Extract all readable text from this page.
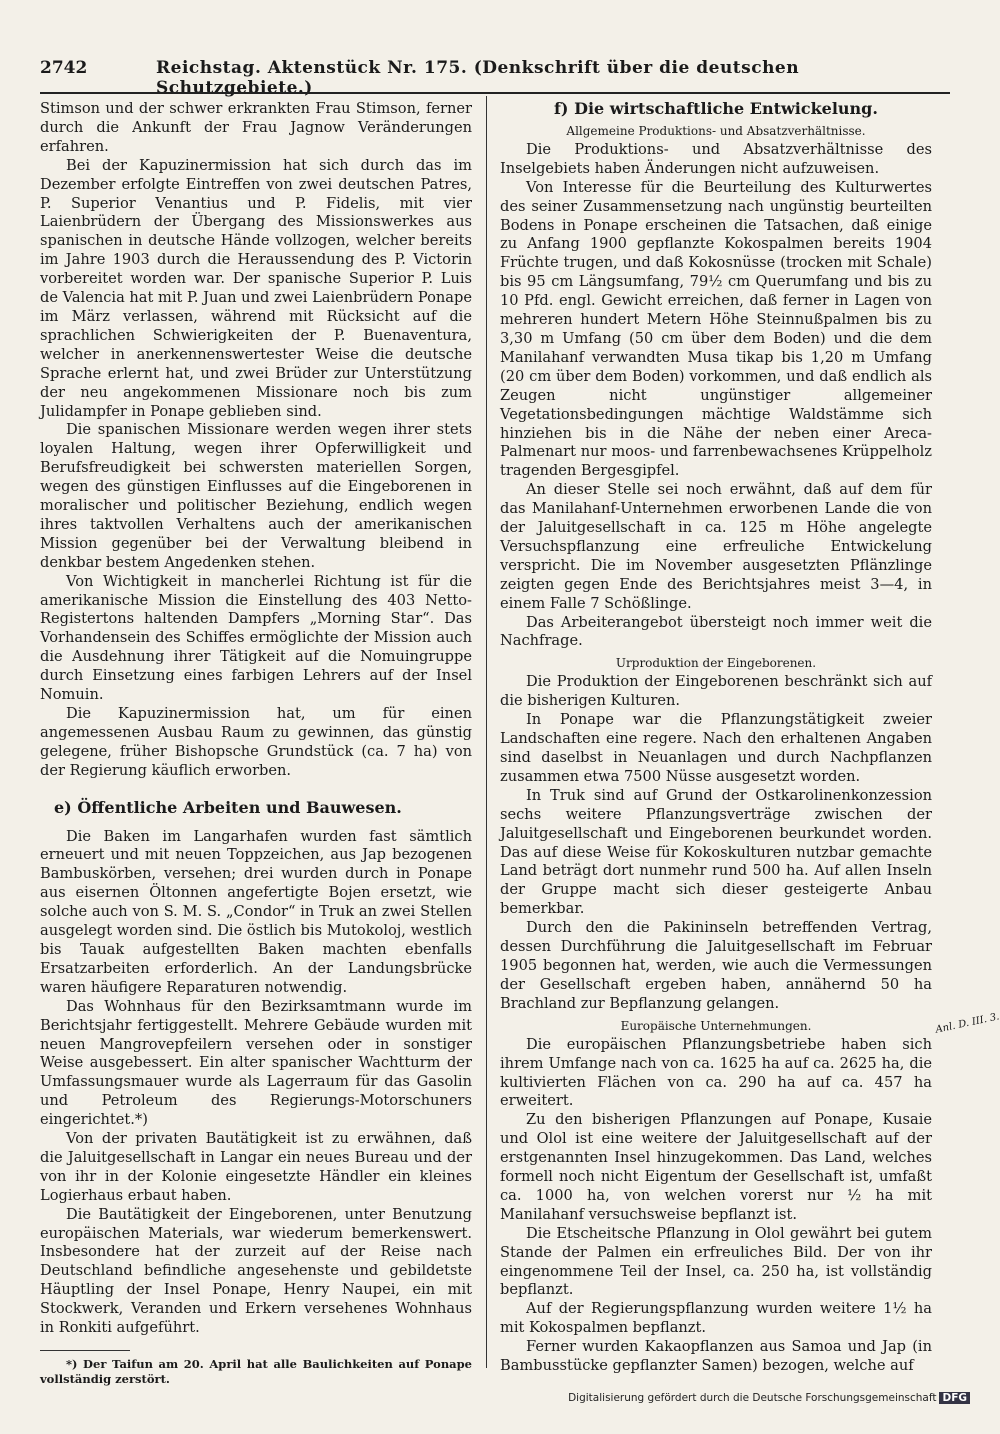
2742	Reichstag. Aktenstück Nr. 175. (Denkschrift über die deutschen Schutzgebiete.)

Stimson und der schwer erkrankten Frau Stimson, ferner durch die Ankunft der Frau Jagnow Veränderungen erfahren.

Bei der Kapuzinermission hat sich durch das im Dezember erfolgte Eintreffen von zwei deutschen Patres, P. Superior Venantius und P. Fidelis, mit vier Laienbrüdern der Übergang des Missionswerkes aus spanischen in deutsche Hände vollzogen, welcher bereits im Jahre 1903 durch die Heraussendung des P. Victorin vorbereitet worden war. Der spanische Superior P. Luis de Valencia hat mit P. Juan und zwei Laienbrüdern Ponape im März verlassen, während mit Rücksicht auf die sprachlichen Schwierigkeiten der P. Buenaventura, welcher in anerkennenswertester Weise die deutsche Sprache erlernt hat, und zwei Brüder zur Unterstützung der neu angekommenen Missionare noch bis zum Julidampfer in Ponape geblieben sind.

Die spanischen Missionare werden wegen ihrer stets loyalen Haltung, wegen ihrer Opferwilligkeit und Berufsfreudigkeit bei schwersten materiellen Sorgen, wegen des günstigen Einflusses auf die Eingeborenen in moralischer und politischer Beziehung, endlich wegen ihres taktvollen Verhaltens auch der amerikanischen Mission gegenüber bei der Verwaltung bleibend in denkbar bestem Angedenken stehen.

Von Wichtigkeit in mancherlei Richtung ist für die amerikanische Mission die Einstellung des 403 Netto-Registertons haltenden Dampfers „Morning Star“. Das Vorhandensein des Schiffes ermöglichte der Mission auch die Ausdehnung ihrer Tätigkeit auf die Nomuingruppe durch Einsetzung eines farbigen Lehrers auf der Insel Nomuin.

Die Kapuzinermission hat, um für einen angemessenen Ausbau Raum zu gewinnen, das günstig gelegene, früher Bishopsche Grundstück (ca. 7 ha) von der Regierung käuflich erworben.

e) Öffentliche Arbeiten und Bauwesen.

Die Baken im Langarhafen wurden fast sämtlich erneuert und mit neuen Toppzeichen, aus Jap bezogenen Bambuskörben, versehen; drei wurden durch in Ponape aus eisernen Öltonnen angefertigte Bojen ersetzt, wie solche auch von S. M. S. „Condor“ in Truk an zwei Stellen ausgelegt worden sind. Die östlich bis Mutokoloj, westlich bis Tauak aufgestellten Baken machten ebenfalls Ersatzarbeiten erforderlich. An der Landungsbrücke waren häufigere Reparaturen notwendig.

Das Wohnhaus für den Bezirksamtmann wurde im Berichtsjahr fertiggestellt. Mehrere Gebäude wurden mit neuen Mangrovepfeilern versehen oder in sonstiger Weise ausgebessert. Ein alter spanischer Wachtturm der Umfassungsmauer wurde als Lagerraum für das Gasolin und Petroleum des Regierungs-Motorschuners eingerichtet.*)

Von der privaten Bautätigkeit ist zu erwähnen, daß die Jaluitgesellschaft in Langar ein neues Bureau und der von ihr in der Kolonie eingesetzte Händler ein kleines Logierhaus erbaut haben.

Die Bautätigkeit der Eingeborenen, unter Benutzung europäischen Materials, war wiederum bemerkenswert. Insbesondere hat der zurzeit auf der Reise nach Deutschland befindliche angesehenste und gebildetste Häuptling der Insel Ponape, Henry Naupei, ein mit Stockwerk, Veranden und Erkern versehenes Wohnhaus in Ronkiti aufgeführt.

*) Der Taifun am 20. April hat alle Baulichkeiten auf Ponape vollständig zerstört.

f) Die wirtschaftliche Entwickelung.
Allgemeine Produktions- und Absatzverhältnisse.

Die Produktions- und Absatzverhältnisse des Inselgebiets haben Änderungen nicht aufzuweisen.

Von Interesse für die Beurteilung des Kulturwertes des seiner Zusammensetzung nach ungünstig beurteilten Bodens in Ponape erscheinen die Tatsachen, daß einige zu Anfang 1900 gepflanzte Kokospalmen bereits 1904 Früchte trugen, und daß Kokosnüsse (trocken mit Schale) bis 95 cm Längsumfang, 79½ cm Querumfang und bis zu 10 Pfd. engl. Gewicht erreichen, daß ferner in Lagen von mehreren hundert Metern Höhe Steinnußpalmen bis zu 3,30 m Umfang (50 cm über dem Boden) und die dem Manilahanf verwandten Musa tikap bis 1,20 m Umfang (20 cm über dem Boden) vorkommen, und daß endlich als Zeugen nicht ungünstiger allgemeiner Vegetationsbedingungen mächtige Waldstämme sich hinziehen bis in die Nähe der neben einer Areca-Palmenart nur moos- und farrenbewachsenes Krüppelholz tragenden Bergesgipfel.

An dieser Stelle sei noch erwähnt, daß auf dem für das Manilahanf-Unternehmen erworbenen Lande die von der Jaluitgesellschaft in ca. 125 m Höhe angelegte Versuchspflanzung eine erfreuliche Entwickelung verspricht. Die im November ausgesetzten Pflänzlinge zeigten gegen Ende des Berichtsjahres meist 3—4, in einem Falle 7 Schößlinge.

Das Arbeiterangebot übersteigt noch immer weit die Nachfrage.

Urproduktion der Eingeborenen.

Die Produktion der Eingeborenen beschränkt sich auf die bisherigen Kulturen.

In Ponape war die Pflanzungstätigkeit zweier Landschaften eine regere. Nach den erhaltenen Angaben sind daselbst in Neuanlagen und durch Nachpflanzen zusammen etwa 7500 Nüsse ausgesetzt worden.

In Truk sind auf Grund der Ostkarolinenkonzession sechs weitere Pflanzungsverträge zwischen der Jaluitgesellschaft und Eingeborenen beurkundet worden. Das auf diese Weise für Kokoskulturen nutzbar gemachte Land beträgt dort nunmehr rund 500 ha. Auf allen Inseln der Gruppe macht sich dieser gesteigerte Anbau bemerkbar.

Durch den die Pakininseln betreffenden Vertrag, dessen Durchführung die Jaluitgesellschaft im Februar 1905 begonnen hat, werden, wie auch die Vermessungen der Gesellschaft ergeben haben, annähernd 50 ha Brachland zur Bepflanzung gelangen.

Europäische Unternehmungen.

Die europäischen Pflanzungsbetriebe haben sich ihrem Umfange nach von ca. 1625 ha auf ca. 2625 ha, die kultivierten Flächen von ca. 290 ha auf ca. 457 ha erweitert.

Zu den bisherigen Pflanzungen auf Ponape, Kusaie und Olol ist eine weitere der Jaluitgesellschaft auf der erstgenannten Insel hinzugekommen. Das Land, welches formell noch nicht Eigentum der Gesellschaft ist, umfaßt ca. 1000 ha, von welchen vorerst nur ½ ha mit Manilahanf versuchsweise bepflanzt ist.

Die Etscheitsche Pflanzung in Olol gewährt bei gutem Stande der Palmen ein erfreuliches Bild. Der von ihr eingenommene Teil der Insel, ca. 250 ha, ist vollständig bepflanzt.

Auf der Regierungspflanzung wurden weitere 1½ ha mit Kokospalmen bepflanzt.

Ferner wurden Kakaopflanzen aus Samoa und Jap (in Bambusstücke gepflanzter Samen) bezogen, welche auf

Anl. D. III. 3.
Digitalisierung gefördert durch die Deutsche Forschungsgemeinschaft DFG
